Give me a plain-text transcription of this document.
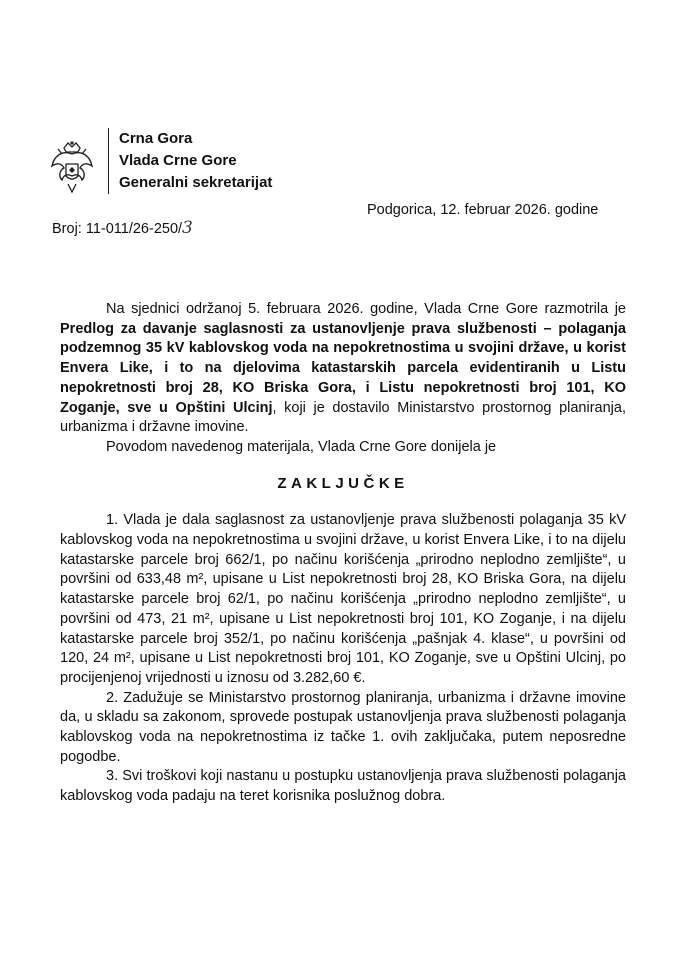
Crna Gora
Vlada Crne Gore
Generalni sekretarijat
Broj: 11-011/26-250/3
Podgorica, 12. februar 2026. godine

Na sjednici održanoj 5. februara 2026. godine, Vlada Crne Gore razmotrila je Predlog za davanje saglasnosti za ustanovljenje prava službenosti – polaganja podzemnog 35 kV kablovskog voda na nepokretnostima u svojini države, u korist Envera Like, i to na djelovima katastarskih parcela evidentiranih u Listu nepokretnosti broj 28, KO Briska Gora, i Listu nepokretnosti broj 101, KO Zoganje, sve u Opštini Ulcinj, koji je dostavilo Ministarstvo prostornog planiranja, urbanizma i državne imovine.

Povodom navedenog materijala, Vlada Crne Gore donijela je

ZAKLJUČKE

1. Vlada je dala saglasnost za ustanovljenje prava službenosti polaganja 35 kV kablovskog voda na nepokretnostima u svojini države, u korist Envera Like, i to na dijelu katastarske parcele broj 662/1, po načinu korišćenja „prirodno neplodno zemljište“, u površini od 633,48 m², upisane u List nepokretnosti broj 28, KO Briska Gora, na dijelu katastarske parcele broj 62/1, po načinu korišćenja „prirodno neplodno zemljište“, u površini od 473, 21 m², upisane u List nepokretnosti broj 101, KO Zoganje, i na dijelu katastarske parcele broj 352/1, po načinu korišćenja „pašnjak 4. klase“, u površini od 120, 24 m², upisane u List nepokretnosti broj 101, KO Zoganje, sve u Opštini Ulcinj, po procijenjenoj vrijednosti u iznosu od 3.282,60 €.

2. Zadužuje se Ministarstvo prostornog planiranja, urbanizma i državne imovine da, u skladu sa zakonom, sprovede postupak ustanovljenja prava službenosti polaganja kablovskog voda na nepokretnostima iz tačke 1. ovih zaključaka, putem neposredne pogodbe.

3. Svi troškovi koji nastanu u postupku ustanovljenja prava službenosti polaganja kablovskog voda padaju na teret korisnika poslužnog dobra.
